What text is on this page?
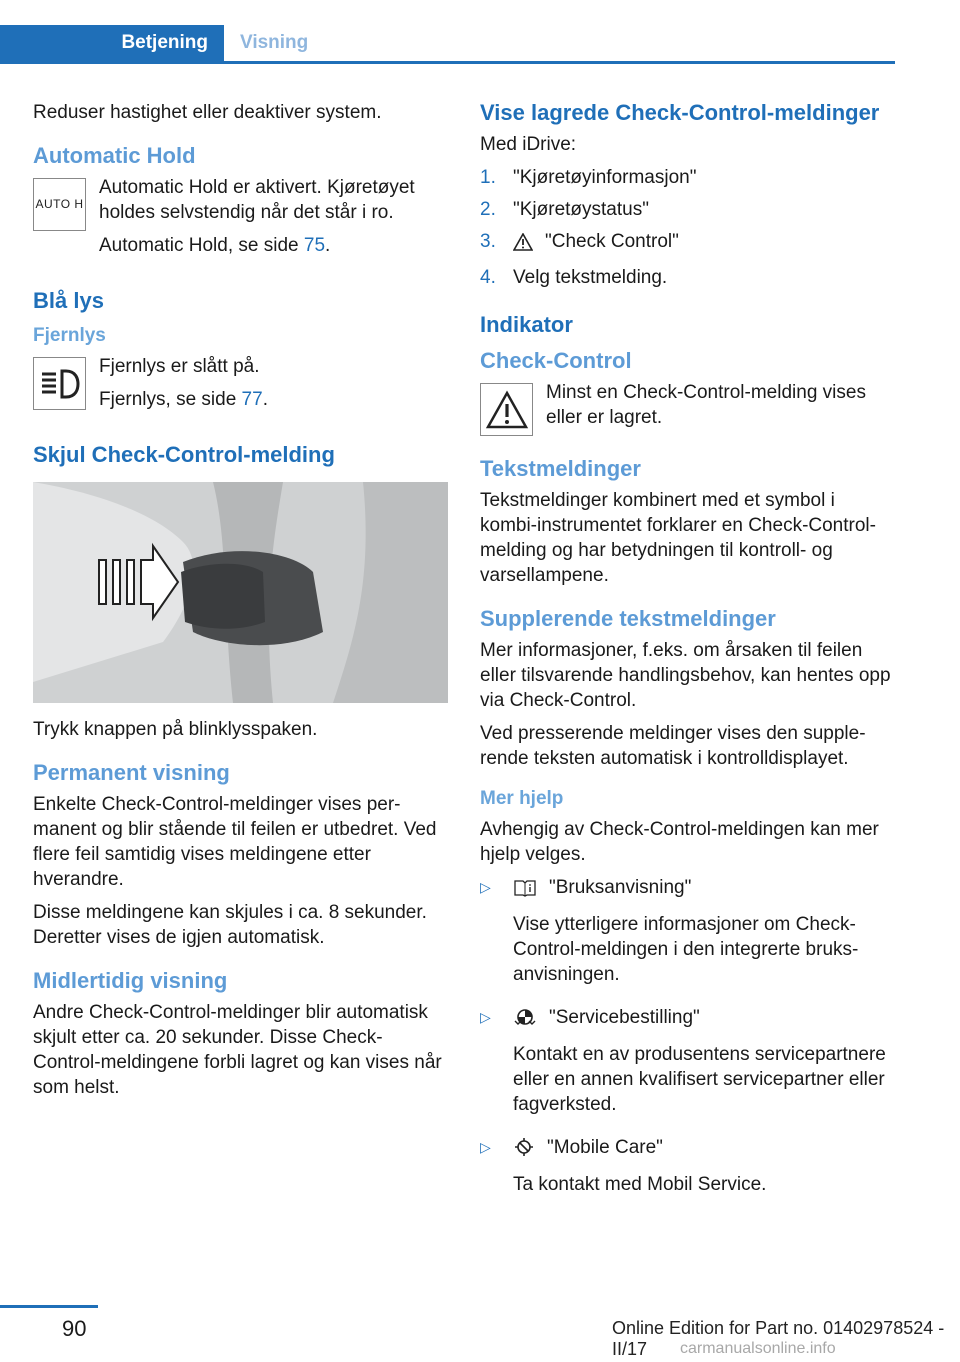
Betjening	Visning

Reduser hastighet eller deaktiver system.

Automatic Hold
AUTO H

Automatic Hold er aktivert. Kjøretøyet holdes selvstendig når det står i ro.

Automatic Hold, se side 75.

Blå lys
Fjernlys

Fjernlys er slått på.

Fjernlys, se side 77.

Skjul Check-Control-melding

Trykk knappen på blinklysspaken.

Permanent visning

Enkelte Check-Control-meldinger vises permanent og blir stående til feilen er utbedret. Ved flere feil samtidig vises meldingene etter hverandre.

Disse meldingene kan skjules i ca. 8 sekunder. Deretter vises de igjen automatisk.

Midlertidig visning

Andre Check-Control-meldinger blir automatisk skjult etter ca. 20 sekunder. Disse Check-Control-meldingene forbli lagret og kan vises når som helst.

Vise lagrede Check-Control-meldinger

Med iDrive:

1. "Kjøretøyinformasjon"
2. "Kjøretøystatus"
3.	"Check Control"
4. Velg tekstmelding.
Indikator
Check-Control

Minst en Check-Control-melding vises eller er lagret.

Tekstmeldinger

Tekstmeldinger kombinert med et symbol i kombi-instrumentet forklarer en Check-Control-melding og har betydningen til kontroll- og varsellampene.

Supplerende tekstmeldinger

Mer informasjoner, f.eks. om årsaken til feilen eller tilsvarende handlingsbehov, kan hentes opp via Check-Control.

Ved presserende meldinger vises den supplerende teksten automatisk i kontrolldisplayet.

Mer hjelp

Avhengig av Check-Control-meldingen kan mer hjelp velges.

▷	"Bruksanvisning"

Vise ytterligere informasjoner om Check-Control-meldingen i den integrerte bruksanvisningen.

▷	"Servicebestilling"

Kontakt en av produsentens servicepartnere eller en annen kvalifisert servicepartner eller fagverksted.

▷	"Mobile Care"

Ta kontakt med Mobil Service.

90	Online Edition for Part no. 01402978524 - II/17	carmanualsonline.info
